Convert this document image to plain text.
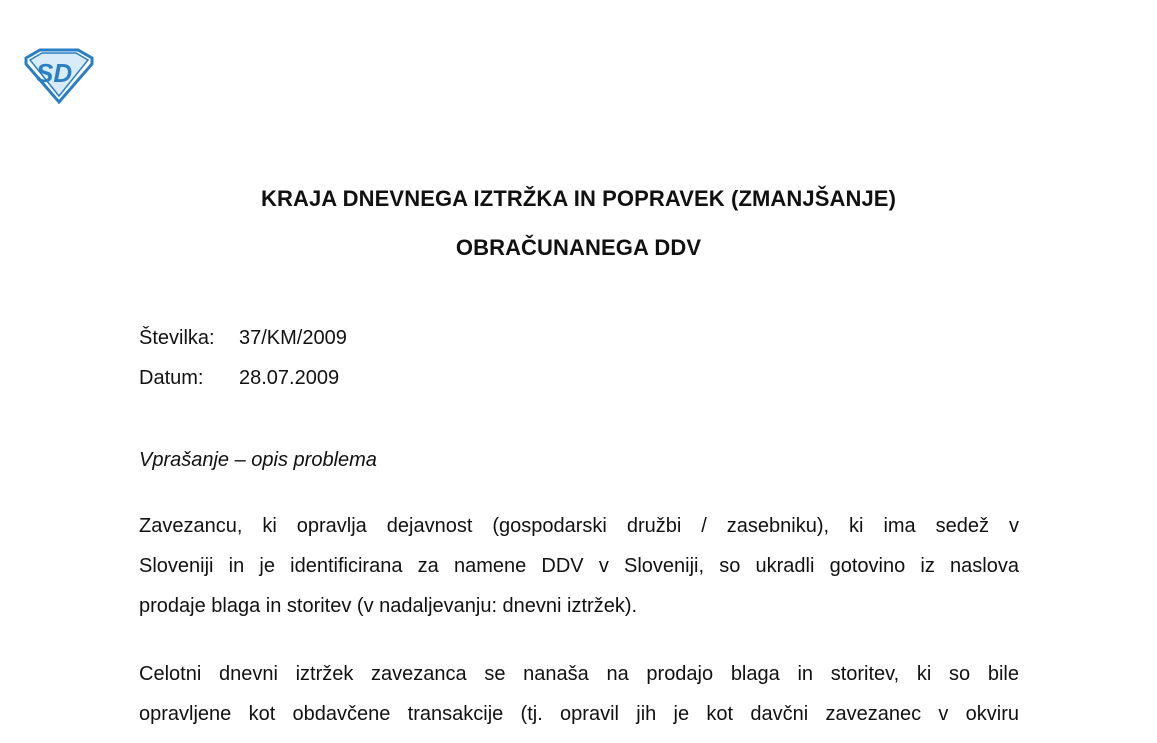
SD
KRAJA DNEVNEGA IZTRŽKA IN POPRAVEK (ZMANJŠANJE)
OBRAČUNANEGA DDV
Številka: 37/KM/2009
Datum: 28.07.2009
Vprašanje – opis problema

Zavezancu, ki opravlja dejavnost (gospodarski družbi / zasebniku), ki ima sedež v
Sloveniji in je identificirana za namene DDV v Sloveniji, so ukradli gotovino iz naslova
prodaje blaga in storitev (v nadaljevanju: dnevni iztržek).

Celotni dnevni iztržek zavezanca se nanaša na prodajo blaga in storitev, ki so bile
opravljene kot obdavčene transakcije (tj. opravil jih je kot davčni zavezanec v okviru
